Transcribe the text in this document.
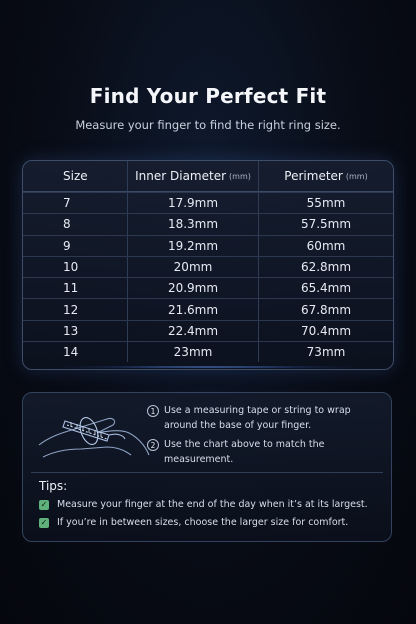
Find Your Perfect Fit
Measure your finger to find the right ring size.
Size	Inner Diameter (mm)	Perimeter (mm)
7	17.9mm	55mm
8	18.3mm	57.5mm
9	19.2mm	60mm
10	20mm	62.8mm
11	20.9mm	65.4mm
12	21.6mm	67.8mm
13	22.4mm	70.4mm
14	23mm	73mm
1 Use a measuring tape or string to wrap around the base of your finger.
2 Use the chart above to match the measurement.
Tips:
✓ Measure your finger at the end of the day when it’s at its largest.
✓ If you’re in between sizes, choose the larger size for comfort.
